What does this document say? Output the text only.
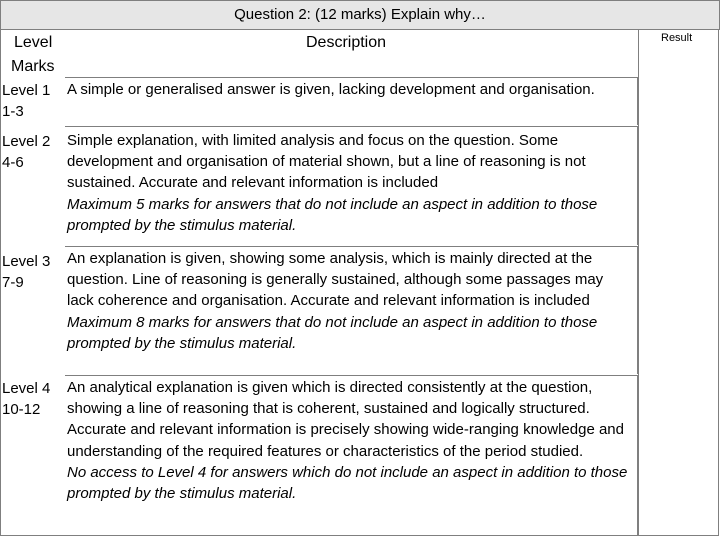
Question 2: (12 marks) Explain why…
Level
Marks
Description	Result
Level 1
1-3

A simple or generalised answer is given, lacking development and organisation.

Level 2
4-6

Simple explanation, with limited analysis and focus on the question. Some development and organisation of material shown, but a line of reasoning is not sustained. Accurate and relevant information is included

Maximum 5 marks for answers that do not include an aspect in addition to those prompted by the stimulus material.

Level 3
7-9

An explanation is given, showing some analysis, which is mainly directed at the question. Line of reasoning is generally sustained, although some passages may lack coherence and organisation. Accurate and relevant information is included

Maximum 8 marks for answers that do not include an aspect in addition to those prompted by the stimulus material.

Level 4
10-12

An analytical explanation is given which is directed consistently at the question, showing a line of reasoning that is coherent, sustained and logically structured. Accurate and relevant information is precisely showing wide-ranging knowledge and understanding of the required features or characteristics of the period studied.

No access to Level 4 for answers which do not include an aspect in addition to those prompted by the stimulus material.
